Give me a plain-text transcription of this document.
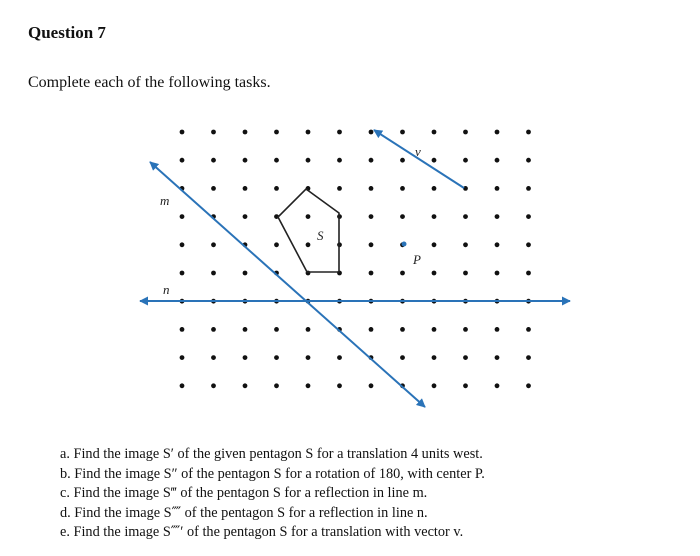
Question 7

Complete each of the following tasks.

m
n
v
S
P
a. Find the image S′ of the given pentagon S for a translation 4 units west.
b. Find the image S″ of the pentagon S for a rotation of 180, with center P.
c. Find the image S‴ of the pentagon S for a reflection in line m.
d. Find the image S⁗ of the pentagon S for a reflection in line n.
e. Find the image S⁗′ of the pentagon S for a translation with vector v.
